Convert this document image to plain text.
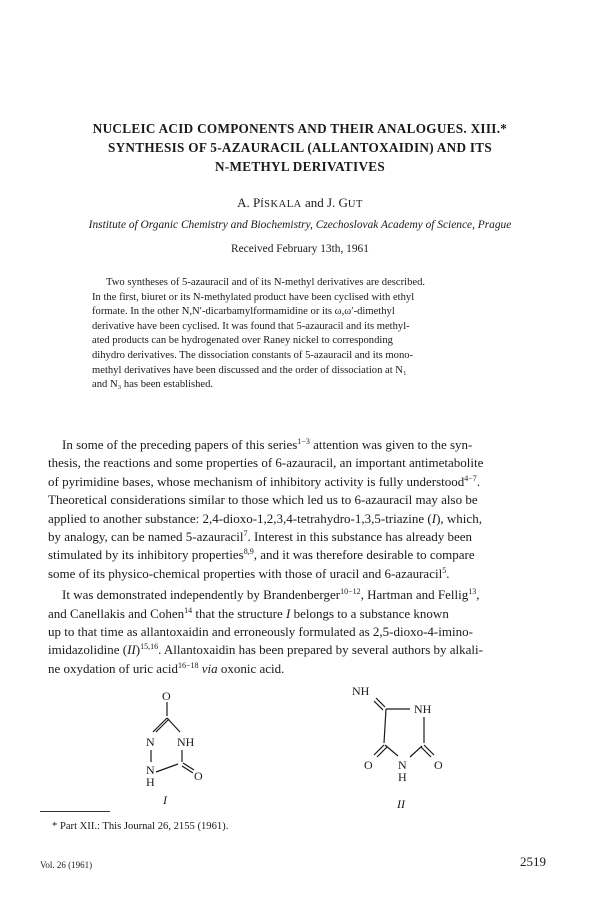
NUCLEIC ACID COMPONENTS AND THEIR ANALOGUES. XIII.*
SYNTHESIS OF 5-AZAURACIL (ALLANTOXAIDIN) AND ITS
N-METHYL DERIVATIVES
A. PÍSKALA and J. GUT
Institute of Organic Chemistry and Biochemistry, Czechoslovak Academy of Science, Prague
Received February 13th, 1961
Two syntheses of 5-azauracil and of its N-methyl derivatives are described.
In the first, biuret or its N-methylated product have been cyclised with ethyl
formate. In the other N,N′-dicarbamylformamidine or its ω,ω′-dimethyl
derivative have been cyclised. It was found that 5-azauracil and its methyl-
ated products can be hydrogenated over Raney nickel to corresponding
dihydro derivatives. The dissociation constants of 5-azauracil and its mono-
methyl derivatives have been discussed and the order of dissociation at N₁
and N₃ has been established.
In some of the preceding papers of this series$^{1-3}$ attention was given to the syn-
thesis, the reactions and some properties of 6-azauracil, an important antimetabolite
of pyrimidine bases, whose mechanism of inhibitory activity is fully understood$^{4-7}$.
Theoretical considerations similar to those which led us to 6-azauracil may also be
applied to another substance: 2,4-dioxo-1,2,3,4-tetrahydro-1,3,5-triazine (I), which,
by analogy, can be named 5-azauracil$^7$. Interest in this substance has already been
stimulated by its inhibitory properties$^{8,9}$, and it was therefore desirable to compare
some of its physico-chemical properties with those of uracil and 6-azauracil$^5$.
It was demonstrated independently by Brandenberger$^{10-12}$, Hartman and Fellig$^{13}$,
and Canellakis and Cohen$^{14}$ that the structure I belongs to a substance known
up to that time as allantoxaidin and erroneously formulated as 2,5-dioxo-4-imino-
imidazolidine (II)$^{15,16}$. Allantoxaidin has been prepared by several authors by alkali-
ne oxydation of uric acid$^{16-18}$ via oxonic acid.
O
N NH
N
H	O
I
NH
NH
O N
H
O
II
* Part XII.: This Journal 26, 2155 (1961).
Vol. 26 (1961)	2519
